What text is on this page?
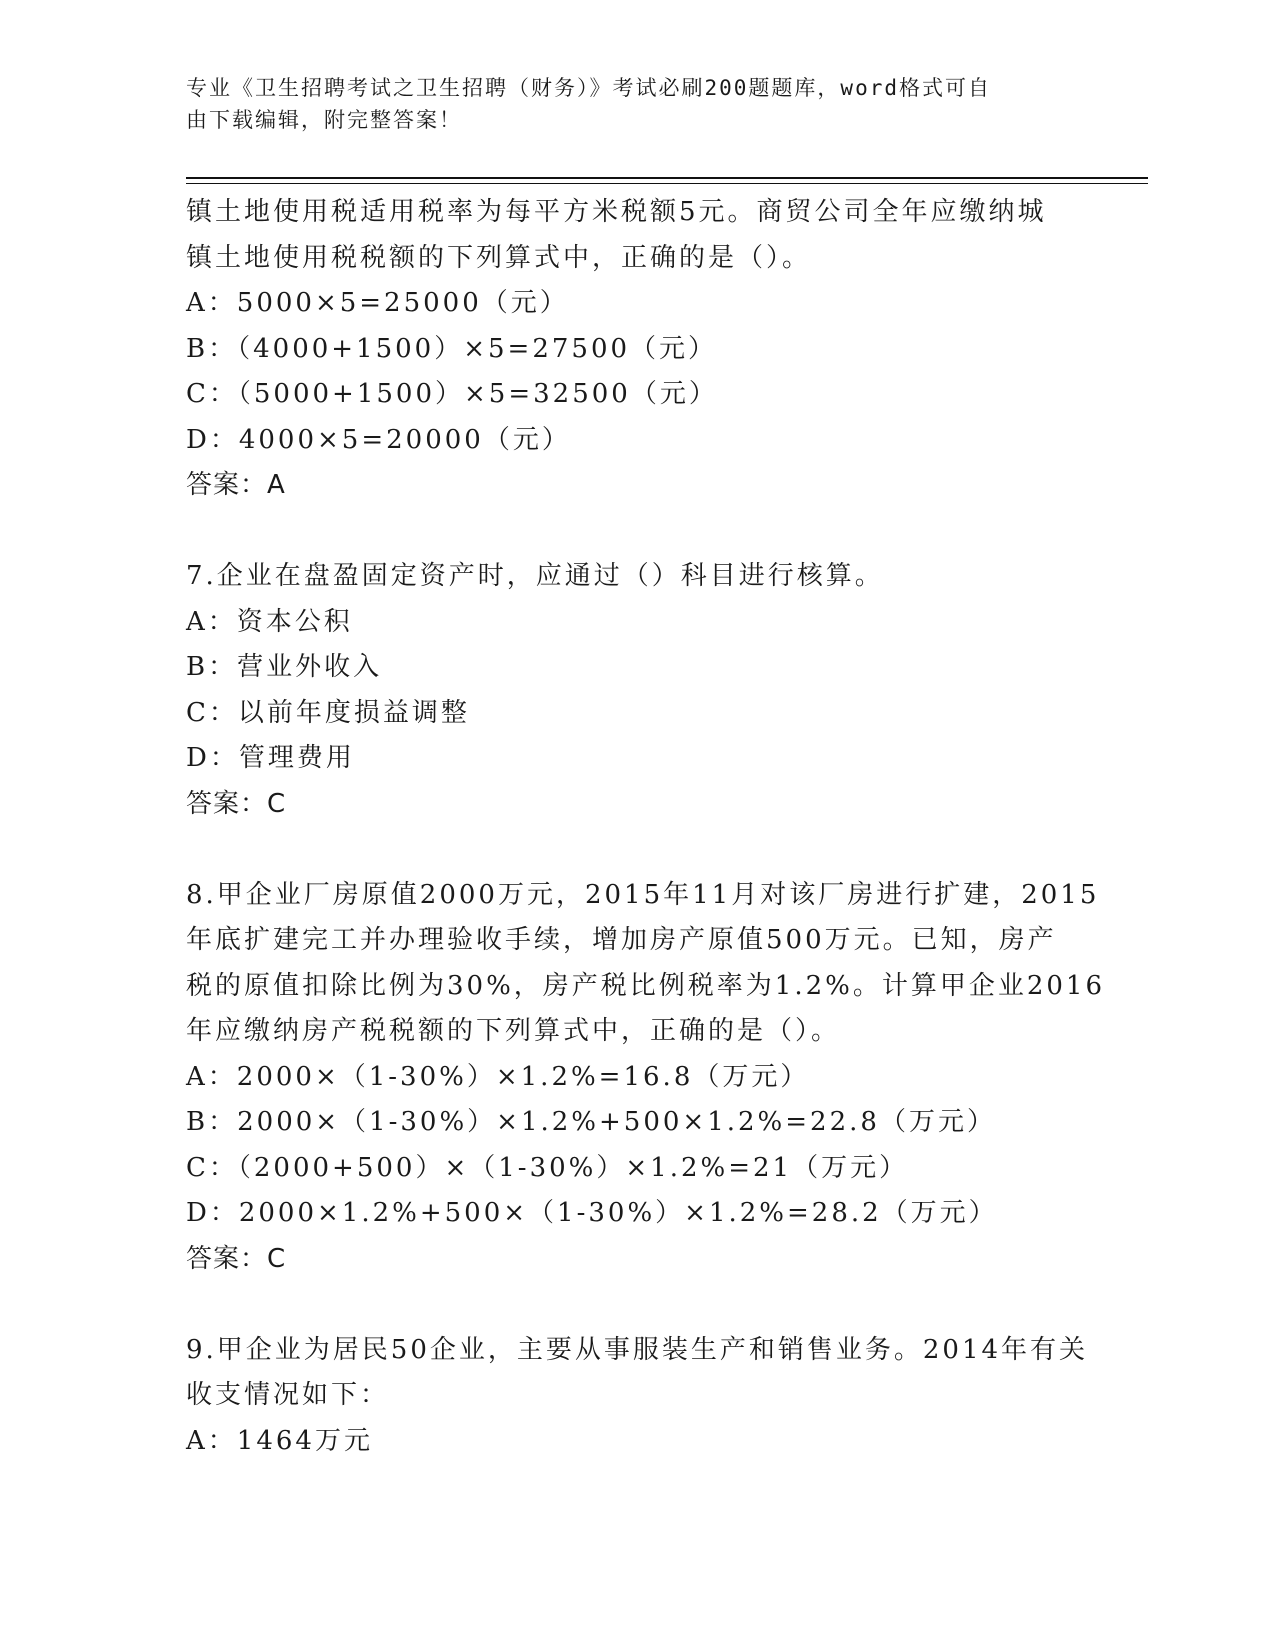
专业《卫生招聘考试之卫生招聘（财务）》考试必刷200题题库，word格式可自
由下载编辑，附完整答案！
镇土地使用税适用税率为每平方米税额5元。商贸公司全年应缴纳城
镇土地使用税税额的下列算式中，正确的是（）。
A：5000×5=25000（元）
B：（4000+1500）×5=27500（元）
C：（5000+1500）×5=32500（元）
D：4000×5=20000（元）
答案：A
7.企业在盘盈固定资产时，应通过（）科目进行核算。
A：资本公积
B：营业外收入
C：以前年度损益调整
D：管理费用
答案：C
8.甲企业厂房原值2000万元，2015年11月对该厂房进行扩建，2015
年底扩建完工并办理验收手续，增加房产原值500万元。已知，房产
税的原值扣除比例为30%，房产税比例税率为1.2%。计算甲企业2016
年应缴纳房产税税额的下列算式中，正确的是（）。
A：2000×（1-30%）×1.2%=16.8（万元）
B：2000×（1-30%）×1.2%+500×1.2%=22.8（万元）
C：（2000+500）×（1-30%）×1.2%=21（万元）
D：2000×1.2%+500×（1-30%）×1.2%=28.2（万元）
答案：C
9.甲企业为居民50企业，主要从事服装生产和销售业务。2014年有关
收支情况如下：
A：1464万元
